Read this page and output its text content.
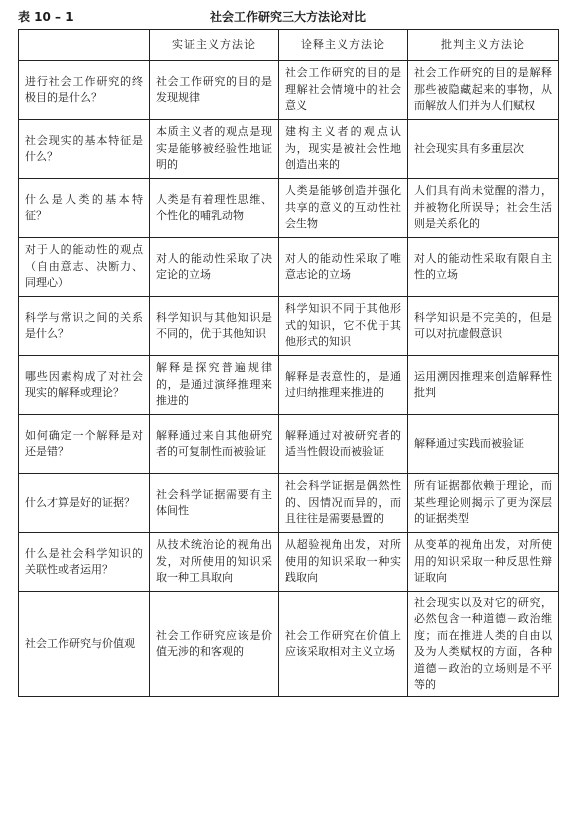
表 10 – 1	社会工作研究三大方法论对比
	实证主义方法论	诠释主义方法论	批判主义方法论
进行社会工作研究的终极目的是什么？	社会工作研究的目的是发现规律	社会工作研究的目的是理解社会情境中的社会意义	社会工作研究的目的是解释那些被隐藏起来的事物，从而解放人们并为人们赋权
社会现实的基本特征是什么？	本质主义者的观点是现实是能够被经验性地证明的	建构主义者的观点认为，现实是被社会性地创造出来的	社会现实具有多重层次
什么是人类的基本特征？	人类是有着理性思维、个性化的哺乳动物	人类是能够创造并强化共享的意义的互动性社会生物	人们具有尚未觉醒的潜力，并被物化所误导；社会生活则是关系化的
对于人的能动性的观点（自由意志、决断力、同理心）	对人的能动性采取了决定论的立场	对人的能动性采取了唯意志论的立场	对人的能动性采取有限自主性的立场
科学与常识之间的关系是什么？	科学知识与其他知识是不同的，优于其他知识	科学知识不同于其他形式的知识，它不优于其他形式的知识	科学知识是不完美的，但是可以对抗虚假意识
哪些因素构成了对社会现实的解释或理论？	解释是探究普遍规律的，是通过演绎推理来推进的	解释是表意性的，是通过归纳推理来推进的	运用溯因推理来创造解释性批判
如何确定一个解释是对还是错？	解释通过来自其他研究者的可复制性而被验证	解释通过对被研究者的适当性假设而被验证	解释通过实践而被验证
什么才算是好的证据？	社会科学证据需要有主体间性	社会科学证据是偶然性的、因情况而异的，而且往往是需要悬置的	所有证据都依赖于理论，而某些理论则揭示了更为深层的证据类型
什么是社会科学知识的关联性或者运用？	从技术统治论的视角出发，对所使用的知识采取一种工具取向	从超验视角出发，对所使用的知识采取一种实践取向	从变革的视角出发，对所使用的知识采取一种反思性辩证取向
社会工作研究与价值观	社会工作研究应该是价值无涉的和客观的	社会工作研究在价值上应该采取相对主义立场	社会现实以及对它的研究，必然包含一种道德－政治维度；而在推进人类的自由以及为人类赋权的方面，各种道德－政治的立场则是不平等的
